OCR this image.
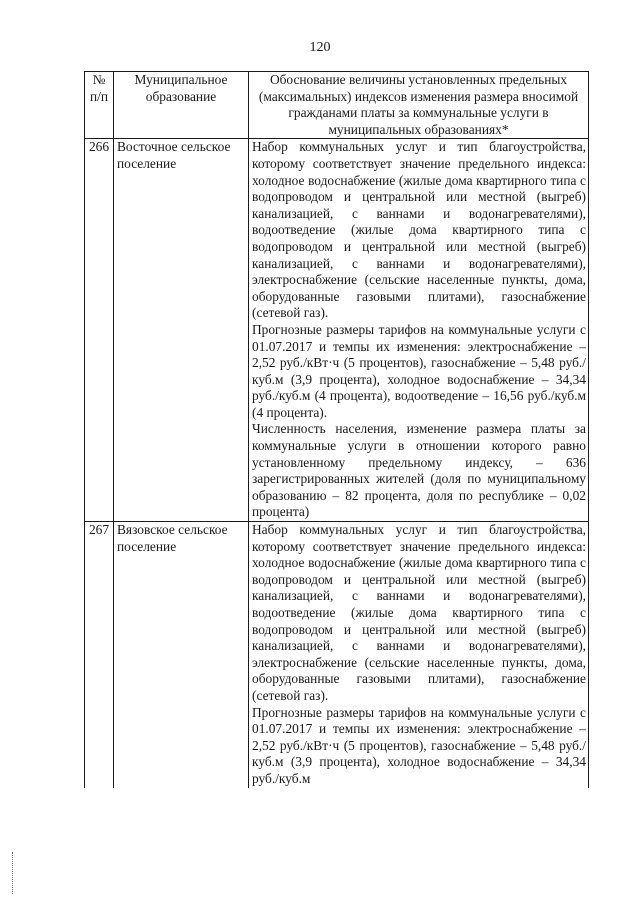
120
№ п/п	Муниципальное образование	Обоснование величины установленных предельных (максимальных) индексов изменения размера вносимой гражданами платы за коммунальные услуги в муниципальных образованиях*
266	Восточное сельское поселение	Набор коммунальных услуг и тип благоустройства, которому соответствует значение предельного индекса: холодное водоснабжение (жилые дома квартирного типа с водопроводом и центральной или местной (выгреб) канализацией, с ваннами и водонагревателями), водоотведение (жилые дома квартирного типа с водопроводом и центральной или местной (выгреб) канализацией, с ваннами и водонагревателями), электроснабжение (сельские населенные пункты, дома, оборудованные газовыми плитами), газоснабжение (сетевой газ).
Прогнозные размеры тарифов на коммунальные услуги с 01.07.2017 и темпы их изменения: электроснабжение – 2,52 руб./кВт·ч (5 процентов), газоснабжение – 5,48 руб./куб.м (3,9 процента), холодное водоснабжение – 34,34 руб./куб.м (4 процента), водоотведение – 16,56 руб./куб.м (4 процента).
Численность населения, изменение размера платы за коммунальные услуги в отношении которого равно установленному предельному индексу, – 636 зарегистрированных жителей (доля по муниципальному образованию – 82 процента, доля по республике – 0,02 процента)

267	Вязовское сельское поселение	Набор коммунальных услуг и тип благоустройства, которому соответствует значение предельного индекса: холодное водоснабжение (жилые дома квартирного типа с водопроводом и центральной или местной (выгреб) канализацией, с ваннами и водонагревателями), водоотведение (жилые дома квартирного типа с водопроводом и центральной или местной (выгреб) канализацией, с ваннами и водонагревателями), электроснабжение (сельские населенные пункты, дома, оборудованные газовыми плитами), газоснабжение (сетевой газ).
Прогнозные размеры тарифов на коммунальные услуги с 01.07.2017 и темпы их изменения: электроснабжение – 2,52 руб./кВт·ч (5 процентов), газоснабжение – 5,48 руб./куб.м (3,9 процента), холодное водоснабжение – 34,34 руб./куб.м
